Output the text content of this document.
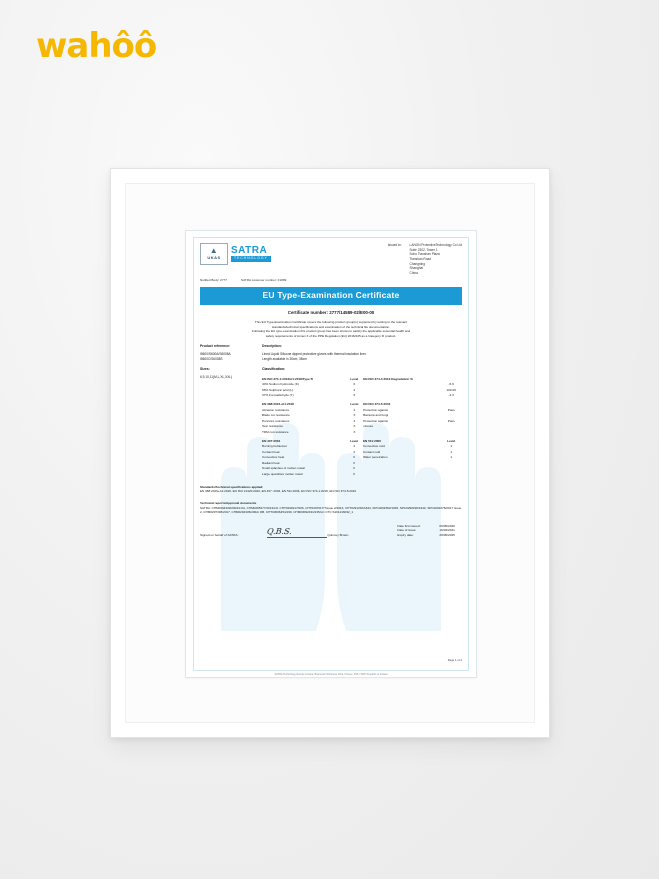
wahôô
▲
UKAS
SATRA
TECHNOLOGY
Issued to:	LANON ProtectiveTechnology Co Ltd
Suite 2302, Tower 1
Soho Tianshan Plaza
Tianshan Road
Changning
Shanghai
China
Notified Body: 2777	SATRA customer number: F1889
EU Type-Examination Certificate
Certificate number: 2777/14589-02/E00-00
This EU Type-Examination Certificate covers the following product group(s) supported by testing to the relevant
standards/technical specifications and examination of the technical file documentation.
Following the EU type-examination this product group has been shown to satisfy the applicable essential health and
safety requirements of Annex II of the PPE Regulation (EU) 2016/425 as a Category III product.
Product reference:	Description:
I5600/S600A/S6008A
I5600C/S6008S
Lined Liquid Silicone dipped protective gloves with thermal insulation liner.
Length available in 30cm, 38cm
Sizes:	Classification:
6,9,10,11(M,L,XL,XXL)	EN ISO 374-1:2016/A1:2018/Type B	Level	EN ISO 374-4:2019 Degradation %	
40% Sodium hydroxide (K)	6		-5.9
96% Sulphuric acid (L)	2		100.00
37% Formaldehyde (T)	6		-4.3
EN 388:2016+A1:2018	Level	EN ISO 374-5:2016	
Abrasion resistance	4	Protection against	Pass
Blade cut resistance	X	Bacteria and fungi	
Puncture resistance	3	Protection against	Pass
Tear resistance	X	viruses	
TDM cut resistance	X		
EN 407:2004	Level	EN 511:2006	Level
Burning behaviour	4	Convective cold	1
Contact heat	4	Contact cold	1
Convective heat	X	Water penetration	1
Radiant heat	X		
Small splashes of molten metal	X		
Large quantities molten metal	X		
Standards/Technical specifications applied:
EN 388:2016+A1:2018, EN ISO 21420:2020, EN 407: 2004, EN 511:2006, EN ISO 374-1:2018, EN ISO 374-5:2016
Technical reports/Approval documents
SATRA: CHM0394339/2004/LOA, CHM0295377/2013/LR, CHT0299217/006, CHT0297017/Tissue 2/2016, CHT0291332/1844, SPC0291582/1945, SPC0290018/1940, SPC0291678/2017 Issue 2, CHM0297338/2017, CHM0294336/200A/ DB, CHT0309645/2199, CHM0309243/2135/LC CTC:S191216032_1
Signed on behalf of SATRA:	Q.B.S.	Quincey Brown
Date first issued:	09/05/2020
Date of issue:	16/04/2021
Expiry date:	28/05/2025
Page 1 of 2
SATRA Technology Europe Limited, Bracetown Business Park, Clonee, D15 YN2P, Republic of Ireland
